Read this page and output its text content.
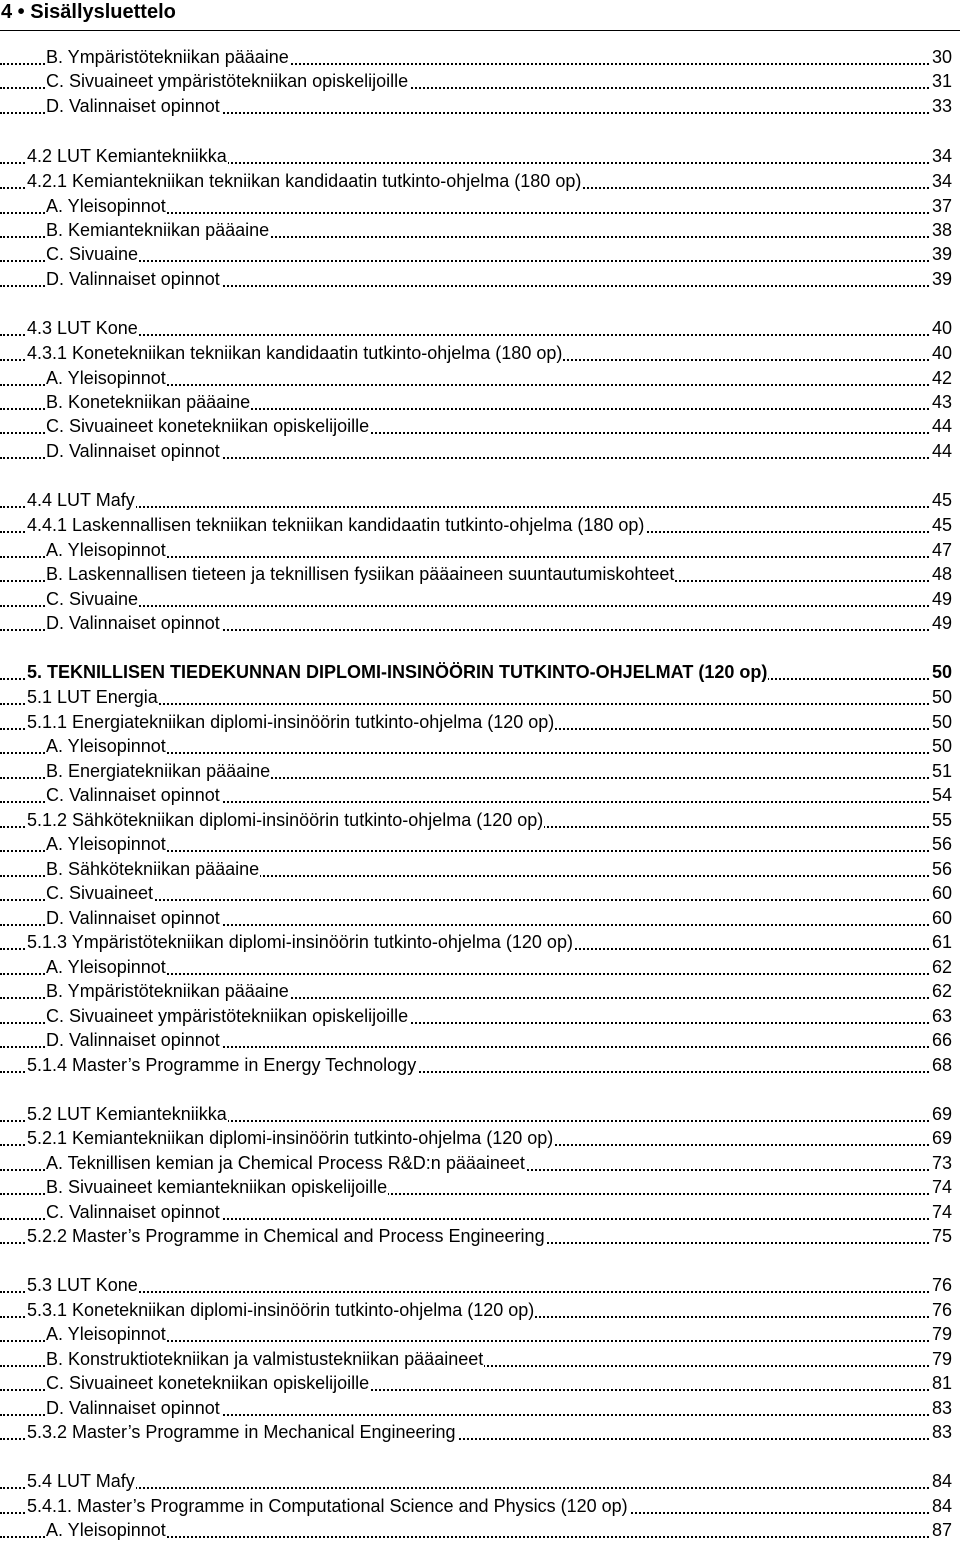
4 • Sisällysluettelo
B. Ympäristötekniikan pääaine	30
C. Sivuaineet ympäristötekniikan opiskelijoille	31
D. Valinnaiset opinnot	33
4.2 LUT Kemiantekniikka	34
4.2.1 Kemiantekniikan tekniikan kandidaatin tutkinto-ohjelma (180 op)	34
A. Yleisopinnot	37
B. Kemiantekniikan pääaine	38
C. Sivuaine	39
D. Valinnaiset opinnot	39
4.3 LUT Kone	40
4.3.1 Konetekniikan tekniikan kandidaatin tutkinto-ohjelma (180 op)	40
A. Yleisopinnot	42
B. Konetekniikan pääaine	43
C. Sivuaineet konetekniikan opiskelijoille	44
D. Valinnaiset opinnot	44
4.4 LUT Mafy	45
4.4.1 Laskennallisen tekniikan tekniikan kandidaatin tutkinto-ohjelma (180 op)	45
A. Yleisopinnot	47
B. Laskennallisen tieteen ja teknillisen fysiikan pääaineen suuntautumiskohteet	48
C. Sivuaine	49
D. Valinnaiset opinnot	49
5. TEKNILLISEN TIEDEKUNNAN DIPLOMI-INSINÖÖRIN TUTKINTO-OHJELMAT (120 op)	50
5.1 LUT Energia	50
5.1.1 Energiatekniikan diplomi-insinöörin tutkinto-ohjelma (120 op)	50
A. Yleisopinnot	50
B. Energiatekniikan pääaine	51
C. Valinnaiset opinnot	54
5.1.2 Sähkötekniikan diplomi-insinöörin tutkinto-ohjelma (120 op)	55
A. Yleisopinnot	56
B. Sähkötekniikan pääaine	56
C. Sivuaineet	60
D. Valinnaiset opinnot	60
5.1.3 Ympäristötekniikan diplomi-insinöörin tutkinto-ohjelma (120 op)	61
A. Yleisopinnot	62
B. Ympäristötekniikan pääaine	62
C. Sivuaineet ympäristötekniikan opiskelijoille	63
D. Valinnaiset opinnot	66
5.1.4 Master’s Programme in Energy Technology	68
5.2 LUT Kemiantekniikka	69
5.2.1 Kemiantekniikan diplomi-insinöörin tutkinto-ohjelma (120 op)	69
A. Teknillisen kemian ja Chemical Process R&D:n pääaineet	73
B. Sivuaineet kemiantekniikan opiskelijoille	74
C. Valinnaiset opinnot	74
5.2.2 Master’s Programme in Chemical and Process Engineering	75
5.3 LUT Kone	76
5.3.1 Konetekniikan diplomi-insinöörin tutkinto-ohjelma (120 op)	76
A. Yleisopinnot	79
B. Konstruktiotekniikan ja valmistustekniikan pääaineet	79
C. Sivuaineet konetekniikan opiskelijoille	81
D. Valinnaiset opinnot	83
5.3.2 Master’s Programme in Mechanical Engineering	83
5.4 LUT Mafy	84
5.4.1. Master’s Programme in Computational Science and Physics (120 op)	84
A. Yleisopinnot	87
